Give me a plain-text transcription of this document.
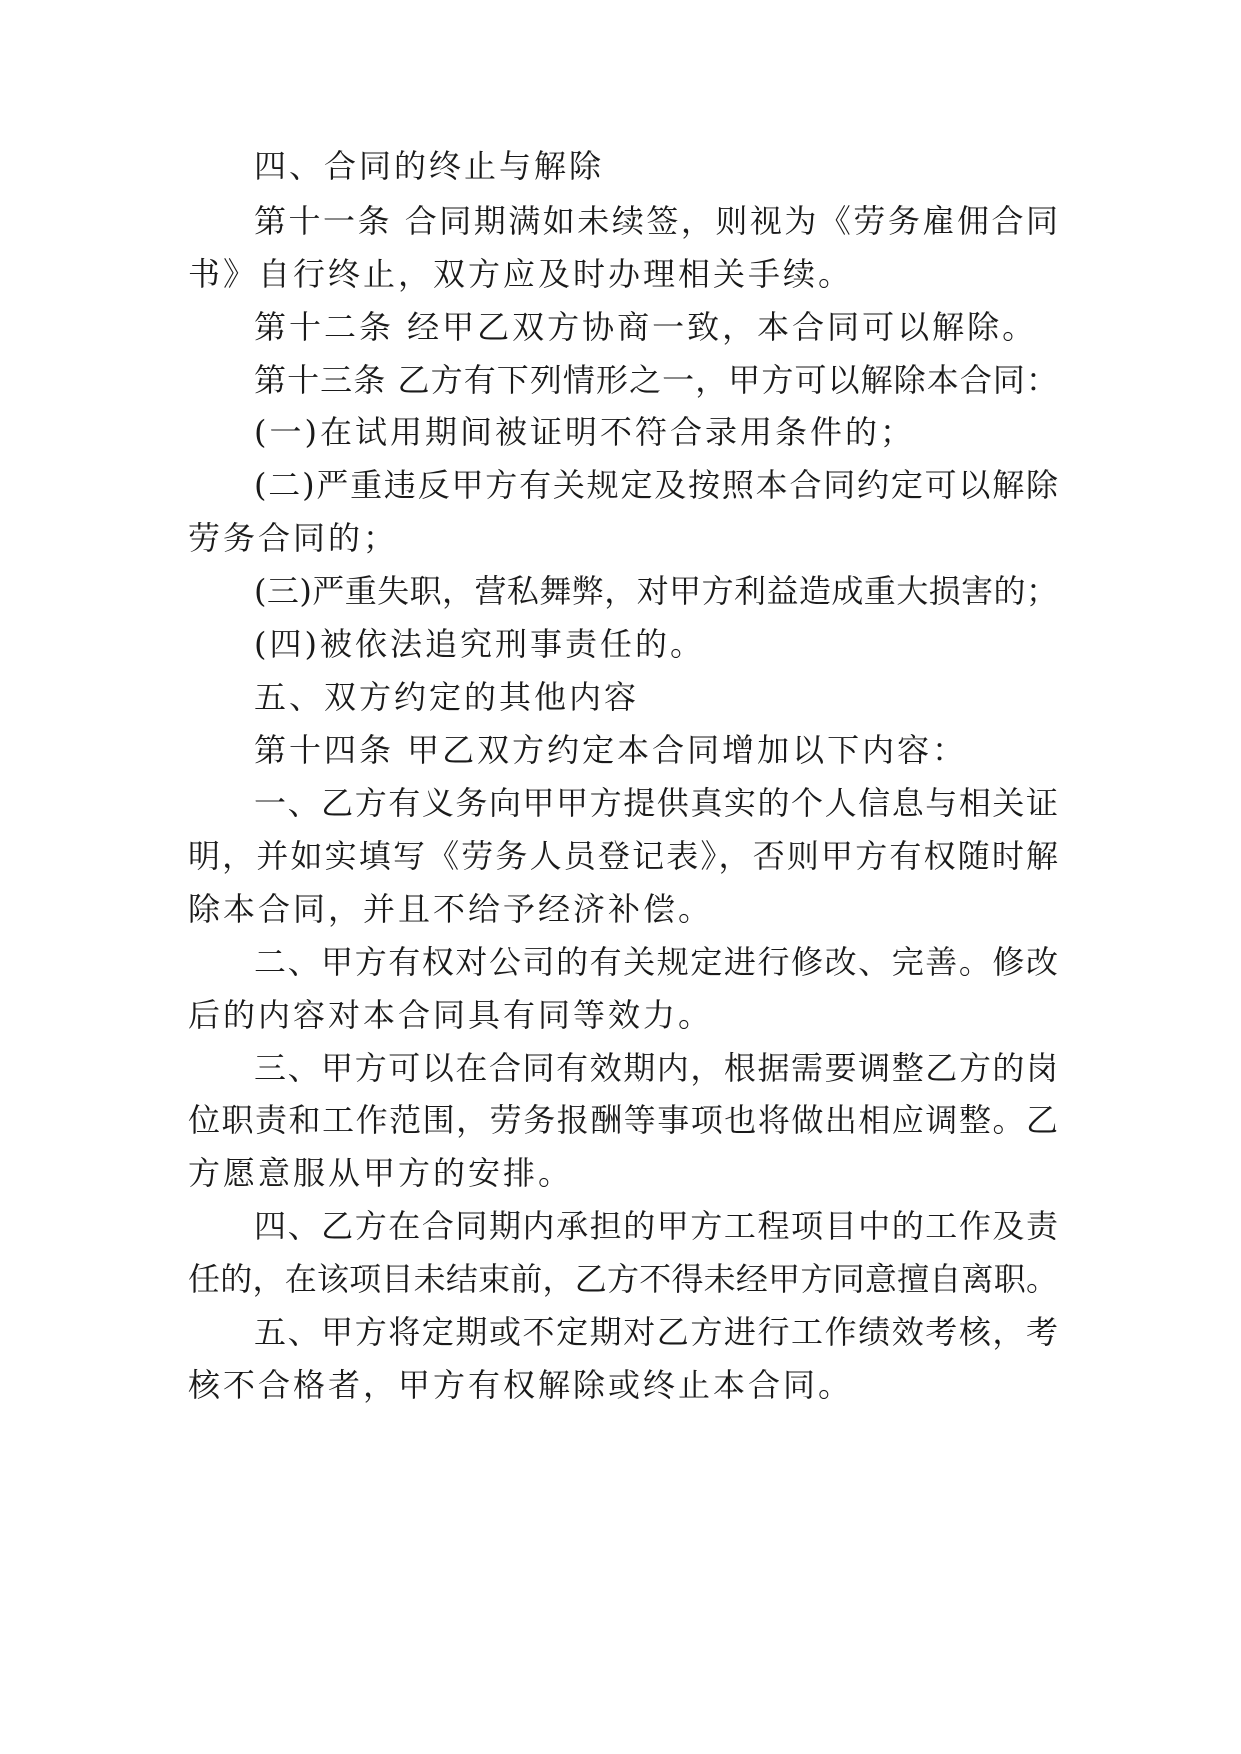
四、合同的终止与解除
第十一条 合同期满如未续签，则视为《劳务雇佣合同
书》自行终止，双方应及时办理相关手续。
第十二条 经甲乙双方协商一致，本合同可以解除。
第十三条 乙方有下列情形之一，甲方可以解除本合同：
(一)在试用期间被证明不符合录用条件的；
(二)严重违反甲方有关规定及按照本合同约定可以解除
劳务合同的；
(三)严重失职，营私舞弊，对甲方利益造成重大损害的；
(四)被依法追究刑事责任的。
五、双方约定的其他内容
第十四条 甲乙双方约定本合同增加以下内容：
一、乙方有义务向甲甲方提供真实的个人信息与相关证
明，并如实填写《劳务人员登记表》，否则甲方有权随时解
除本合同，并且不给予经济补偿。
二、甲方有权对公司的有关规定进行修改、完善。修改
后的内容对本合同具有同等效力。
三、甲方可以在合同有效期内，根据需要调整乙方的岗
位职责和工作范围，劳务报酬等事项也将做出相应调整。乙
方愿意服从甲方的安排。
四、乙方在合同期内承担的甲方工程项目中的工作及责
任的，在该项目未结束前，乙方不得未经甲方同意擅自离职。
五、甲方将定期或不定期对乙方进行工作绩效考核，考
核不合格者，甲方有权解除或终止本合同。
